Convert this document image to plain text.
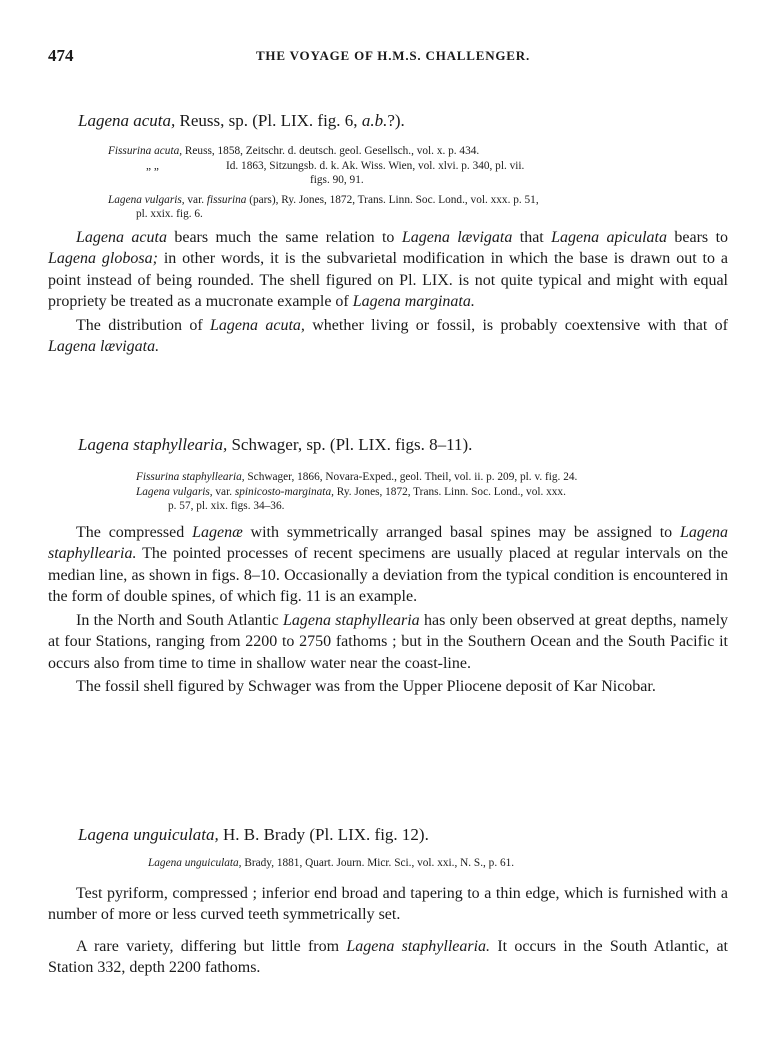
474	THE VOYAGE OF H.M.S. CHALLENGER.

Lagena acuta, Reuss, sp. (Pl. LIX. fig. 6, a.b.?).

Fissurina acuta, Reuss, 1858, Zeitschr. d. deutsch. geol. Gesellsch., vol. x. p. 434.
„ „	Id. 1863, Sitzungsb. d. k. Ak. Wiss. Wien, vol. xlvi. p. 340, pl. vii.
figs. 90, 91.
Lagena vulgaris, var. fissurina (pars), Ry. Jones, 1872, Trans. Linn. Soc. Lond., vol. xxx. p. 51,
pl. xxix. fig. 6.

Lagena acuta bears much the same relation to Lagena lævigata that Lagena apiculata bears to Lagena globosa; in other words, it is the subvarietal modification in which the base is drawn out to a point instead of being rounded. The shell figured on Pl. LIX. is not quite typical and might with equal propriety be treated as a mucronate example of Lagena marginata.

The distribution of Lagena acuta, whether living or fossil, is probably coextensive with that of Lagena lævigata.

Lagena staphyllearia, Schwager, sp. (Pl. LIX. figs. 8–11).

Fissurina staphyllearia, Schwager, 1866, Novara-Exped., geol. Theil, vol. ii. p. 209, pl. v. fig. 24.
Lagena vulgaris, var. spinicosto-marginata, Ry. Jones, 1872, Trans. Linn. Soc. Lond., vol. xxx.
p. 57, pl. xix. figs. 34–36.

The compressed Lagenæ with symmetrically arranged basal spines may be assigned to Lagena staphyllearia. The pointed processes of recent specimens are usually placed at regular intervals on the median line, as shown in figs. 8–10. Occasionally a deviation from the typical condition is encountered in the form of double spines, of which fig. 11 is an example.

In the North and South Atlantic Lagena staphyllearia has only been observed at great depths, namely at four Stations, ranging from 2200 to 2750 fathoms ; but in the Southern Ocean and the South Pacific it occurs also from time to time in shallow water near the coast-line.

The fossil shell figured by Schwager was from the Upper Pliocene deposit of Kar Nicobar.

Lagena unguiculata, H. B. Brady (Pl. LIX. fig. 12).

Lagena unguiculata, Brady, 1881, Quart. Journ. Micr. Sci., vol. xxi., N. S., p. 61.

Test pyriform, compressed ; inferior end broad and tapering to a thin edge, which is furnished with a number of more or less curved teeth symmetrically set.

A rare variety, differing but little from Lagena staphyllearia. It occurs in the South Atlantic, at Station 332, depth 2200 fathoms.
